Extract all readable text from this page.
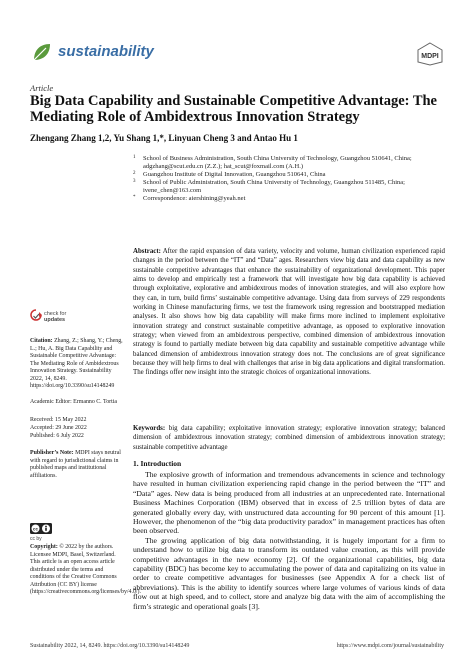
sustainability	MDPI
Article
Big Data Capability and Sustainable Competitive Advantage: The Mediating Role of Ambidextrous Innovation Strategy
Zhengang Zhang 1,2, Yu Shang 1,*, Linyuan Cheng 3 and Antao Hu 1
1 School of Business Administration, South China University of Technology, Guangzhou 510641, China; adgzhang@scut.edu.cn (Z.Z.); hat_scut@foxmail.com (A.H.)
2 Guangzhou Institute of Digital Innovation, Guangzhou 510641, China
3 School of Public Administration, South China University of Technology, Guangzhou 511485, China; ivene_chen@163.com
* Correspondence: aiershining@yeah.net
Abstract: After the rapid expansion of data variety, velocity and volume, human civilization experienced rapid changes in the period between the “IT” and “Data” ages. Researchers view big data and data capability as new sustainable competitive advantages that enhance the sustainability of organizational development. This paper aims to develop and empirically test a framework that will investigate how big data capability is achieved through exploitative, explorative and ambidextrous modes of innovation strategies, and will also explore how they can, in turn, build firms’ sustainable competitive advantage. Using data from surveys of 229 respondents working in Chinese manufacturing firms, we test the framework using regression and bootstrapped mediation analyses. It also shows how big data capability will make firms more inclined to implement exploitative innovation strategy and construct sustainable competitive advantage, as opposed to explorative innovation strategy; when viewed from an ambidextrous perspective, combined dimension of ambidextrous innovation strategy is found to partially mediate between big data capability and sustainable competitive advantage while balanced dimension of ambidextrous innovation strategy does not. The conclusions are of great significance because they will help firms to deal with challenges that arise in big data applications and digital transformation. The findings offer new insight into the strategic choices of organizational innovations.
Keywords: big data capability; exploitative innovation strategy; explorative innovation strategy; balanced dimension of ambidextrous innovation strategy; combined dimension of ambidextrous innovation strategy; sustainable competitive advantage
check for
updates
Citation: Zhang, Z.; Shang, Y.; Cheng, L.; Hu, A. Big Data Capability and Sustainable Competitive Advantage: The Mediating Role of Ambidextrous Innovation Strategy. Sustainability 2022, 14, 8249. https://doi.org/10.3390/su14148249
Academic Editor: Ermanno C. Tortia
Received: 15 May 2022
Accepted: 29 June 2022
Published: 6 July 2022
Publisher’s Note: MDPI stays neutral with regard to jurisdictional claims in published maps and institutional affiliations.
cc
cc by
Copyright: © 2022 by the authors. Licensee MDPI, Basel, Switzerland. This article is an open access article distributed under the terms and conditions of the Creative Commons Attribution (CC BY) license (https://creativecommons.org/licenses/by/4.0/).
1. Introduction

The explosive growth of information and tremendous advancements in science and technology have resulted in human civilization experiencing rapid change in the period between the “IT” and “Data” ages. New data is being produced from all industries at an unprecedented rate. International Business Machines Corporation (IBM) observed that in excess of 2.5 trillion bytes of data are generated globally every day, with unstructured data accounting for 90 percent of this amount [1]. However, the phenomenon of the “big data productivity paradox” in management practices has often been observed.

The growing application of big data notwithstanding, it is hugely important for a firm to understand how to utilize big data to transform its outdated value creation, as this will provide competitive advantages in the new economy [2]. Of the organizational capabilities, big data capability (BDC) has become key to accumulating the power of data and capitalizing on its value in order to create competitive advantages for businesses (see Appendix A for a check list of abbreviations). This is the ability to identify sources where large volumes of various kinds of data flow out at high speed, and to collect, store and analyze big data with the aim of accomplishing the firm’s strategic and operational goals [3].

Sustainability 2022, 14, 8249. https://doi.org/10.3390/su14148249	https://www.mdpi.com/journal/sustainability
